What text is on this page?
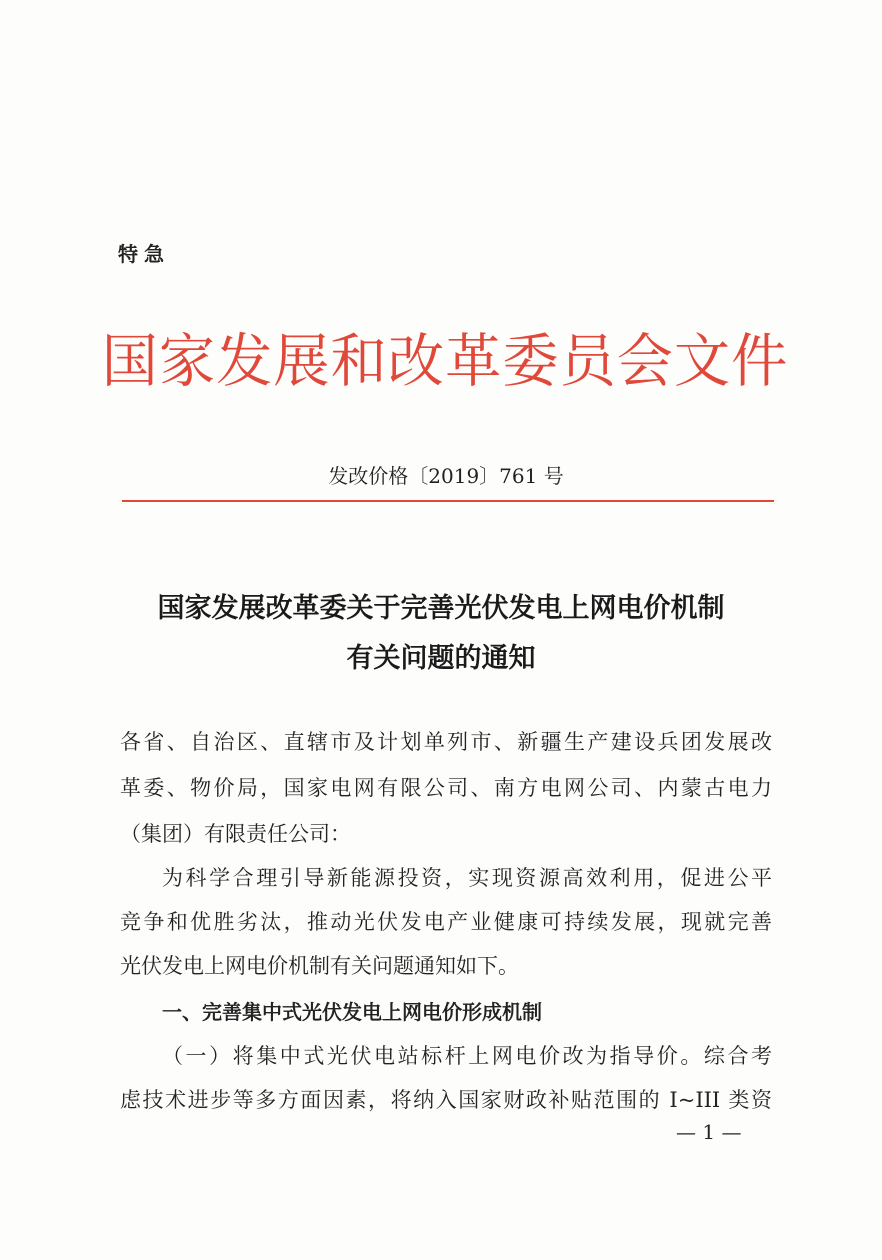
特急
国家发展和改革委员会文件
发改价格〔2019〕761 号
国家发展改革委关于完善光伏发电上网电价机制
有关问题的通知
各省、自治区、直辖市及计划单列市、新疆生产建设兵团发展改
革委、物价局，国家电网有限公司、南方电网公司、内蒙古电力
（集团）有限责任公司：
为科学合理引导新能源投资，实现资源高效利用，促进公平
竞争和优胜劣汰，推动光伏发电产业健康可持续发展，现就完善
光伏发电上网电价机制有关问题通知如下。
一、完善集中式光伏发电上网电价形成机制
（一）将集中式光伏电站标杆上网电价改为指导价。综合考
虑技术进步等多方面因素，将纳入国家财政补贴范围的 I~III 类资
— 1 —
